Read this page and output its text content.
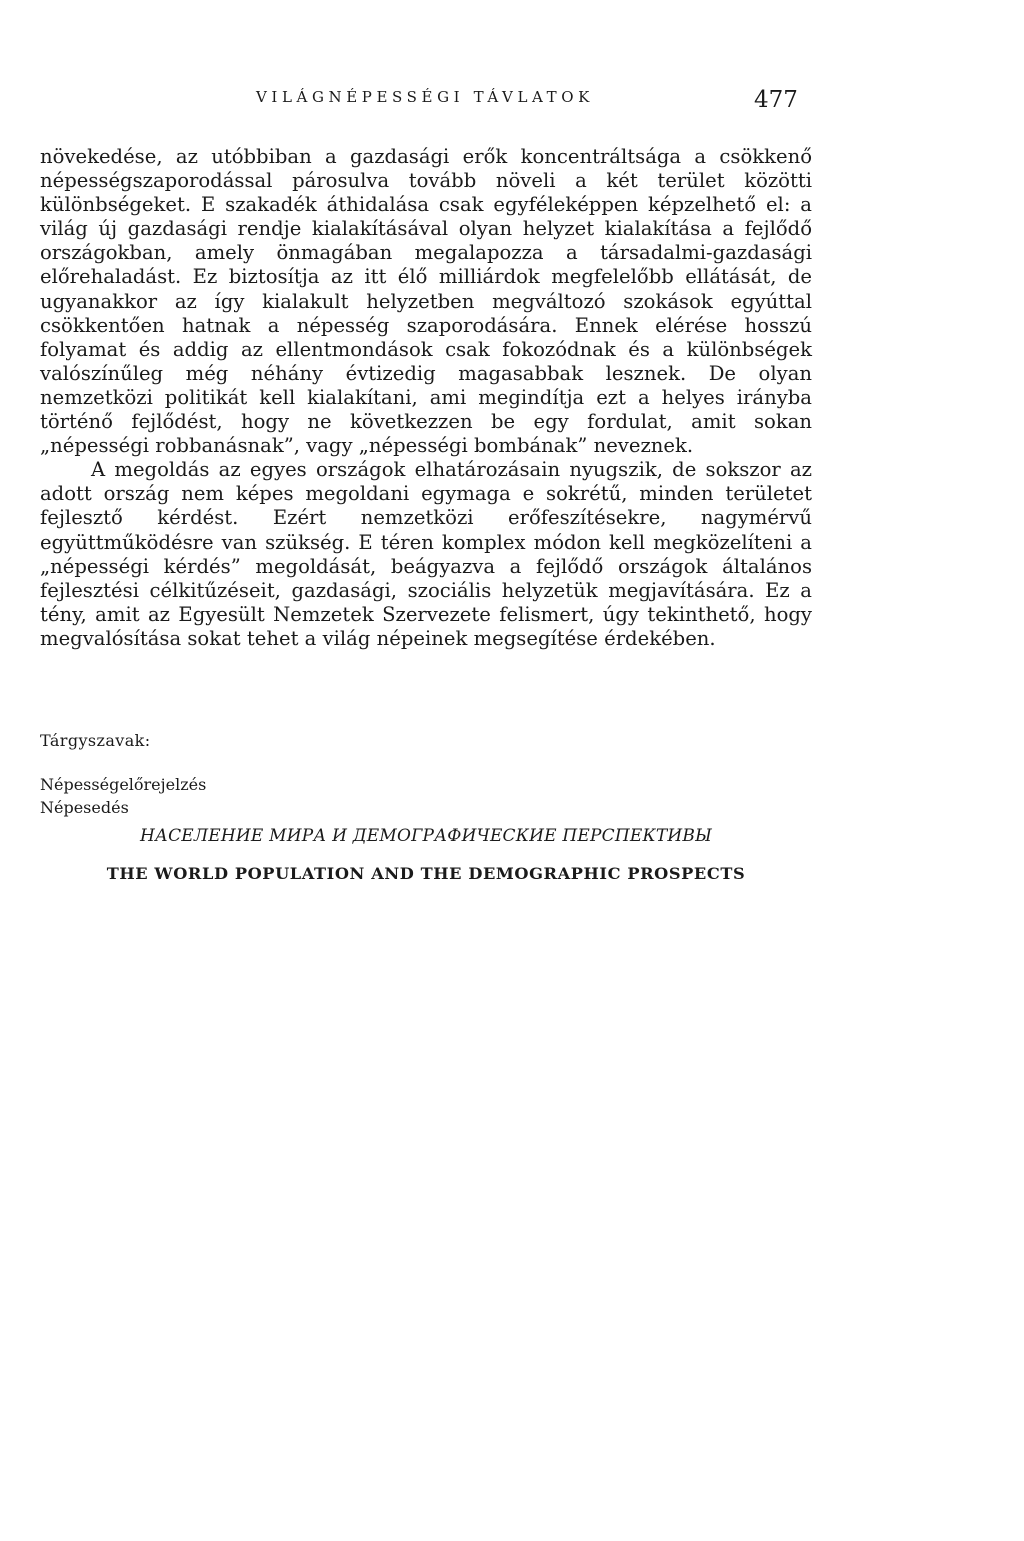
VILÁGNÉPESSÉGI TÁVLATOK	477

növekedése, az utóbbiban a gazdasági erők koncentráltsága a csökkenő népességszaporodással párosulva tovább növeli a két terület közötti különbségeket. E szakadék áthidalása csak egyféleképpen képzelhető el: a világ új gazdasági rendje kialakításával olyan helyzet kialakítása a fejlődő országokban, amely önmagában megalapozza a társadalmi-gazdasági előrehaladást. Ez biztosítja az itt élő milliárdok megfelelőbb ellátását, de ugyanakkor az így kialakult helyzetben megváltozó szokások egyúttal csökkentően hatnak a népesség szaporodására. Ennek elérése hosszú folyamat és addig az ellentmondások csak fokozódnak és a különbségek valószínűleg még néhány évtizedig magasabbak lesznek. De olyan nemzetközi politikát kell kialakítani, ami megindítja ezt a helyes irányba történő fejlődést, hogy ne következzen be egy fordulat, amit sokan „népességi robbanásnak”, vagy „népességi bombának” neveznek.

A megoldás az egyes országok elhatározásain nyugszik, de sokszor az adott ország nem képes megoldani egymaga e sokrétű, minden területet fejlesztő kérdést. Ezért nemzetközi erőfeszítésekre, nagymérvű együttműködésre van szükség. E téren komplex módon kell megközelíteni a „népességi kérdés” megoldását, beágyazva a fejlődő országok általános fejlesztési célkitűzéseit, gazdasági, szociális helyzetük megjavítására. Ez a tény, amit az Egyesült Nemzetek Szervezete felismert, úgy tekinthető, hogy megvalósítása sokat tehet a világ népeinek megsegítése érdekében.

Tárgyszavak:
Népességelőrejelzés
Népesedés
НАСЕЛЕНИЕ МИРА И ДЕМОГРАФИЧЕСКИЕ ПЕРСПЕКТИВЫ
THE WORLD POPULATION AND THE DEMOGRAPHIC PROSPECTS
